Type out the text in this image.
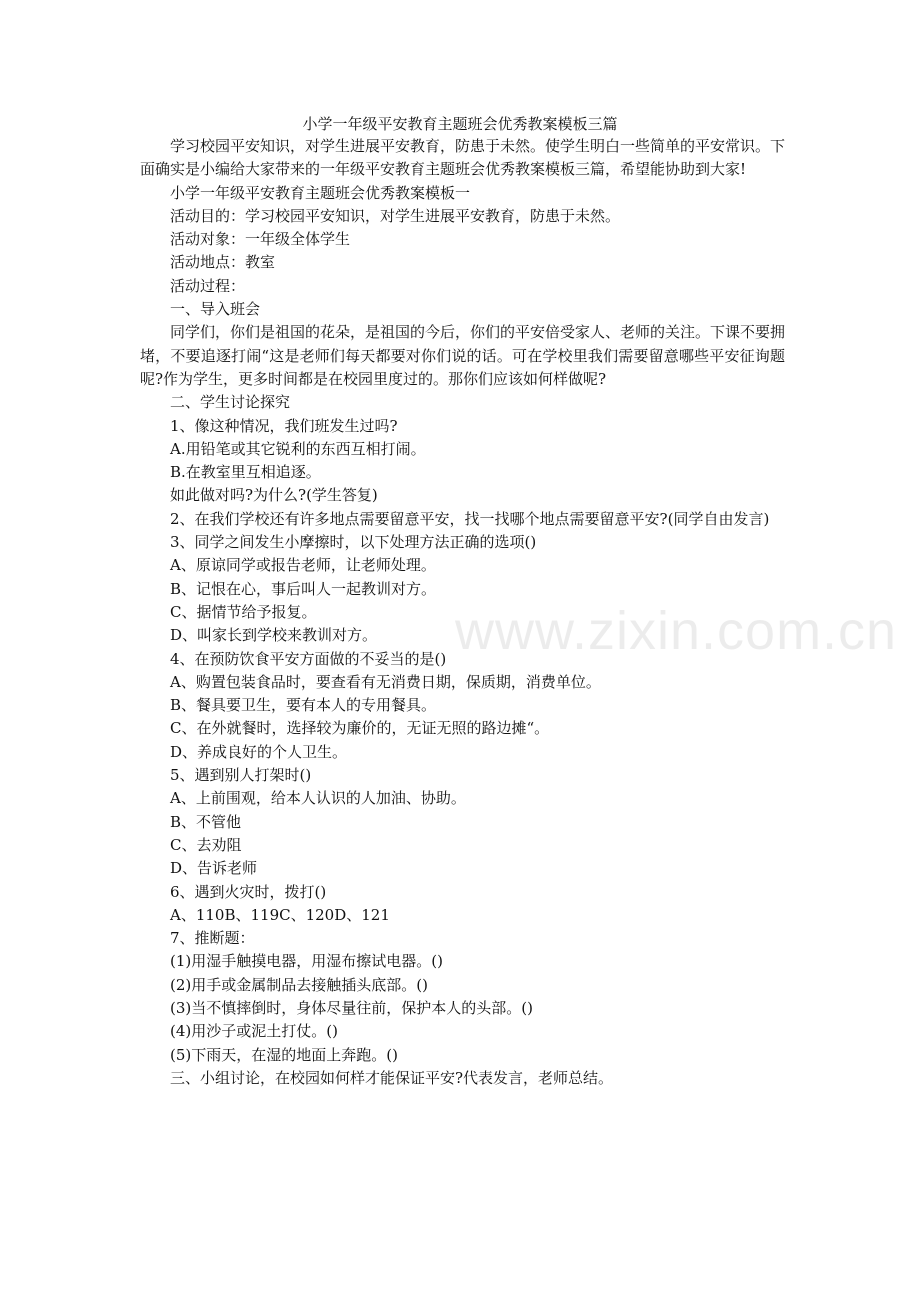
www.zixin.com.cn
小学一年级平安教育主题班会优秀教案模板三篇

学习校园平安知识，对学生进展平安教育，防患于未然。使学生明白一些简单的平安常识。下面确实是小编给大家带来的一年级平安教育主题班会优秀教案模板三篇，希望能协助到大家!

小学一年级平安教育主题班会优秀教案模板一

活动目的：学习校园平安知识，对学生进展平安教育，防患于未然。

活动对象：一年级全体学生

活动地点：教室

活动过程：

一、导入班会

同学们，你们是祖国的花朵，是祖国的今后，你们的平安倍受家人、老师的关注。下课不要拥堵，不要追逐打闹“这是老师们每天都要对你们说的话。可在学校里我们需要留意哪些平安征询题呢?作为学生，更多时间都是在校园里度过的。那你们应该如何样做呢?

二、学生讨论探究

1、像这种情况，我们班发生过吗?

A.用铅笔或其它锐利的东西互相打闹。

B.在教室里互相追逐。

如此做对吗?为什么?(学生答复)

2、在我们学校还有许多地点需要留意平安，找一找哪个地点需要留意平安?(同学自由发言)

3、同学之间发生小摩擦时，以下处理方法正确的选项()

A、原谅同学或报告老师，让老师处理。

B、记恨在心，事后叫人一起教训对方。

C、据情节给予报复。

D、叫家长到学校来教训对方。

4、在预防饮食平安方面做的不妥当的是()

A、购置包装食品时，要查看有无消费日期，保质期，消费单位。

B、餐具要卫生，要有本人的专用餐具。

C、在外就餐时，选择较为廉价的，无证无照的路边摊“。

D、养成良好的个人卫生。

5、遇到别人打架时()

A、上前围观，给本人认识的人加油、协助。

B、不管他

C、去劝阻

D、告诉老师

6、遇到火灾时，拨打()

A、110B、119C、120D、121

7、推断题：

(1)用湿手触摸电器，用湿布擦试电器。()

(2)用手或金属制品去接触插头底部。()

(3)当不慎摔倒时，身体尽量往前，保护本人的头部。()

(4)用沙子或泥土打仗。()

(5)下雨天，在湿的地面上奔跑。()

三、小组讨论，在校园如何样才能保证平安?代表发言，老师总结。
